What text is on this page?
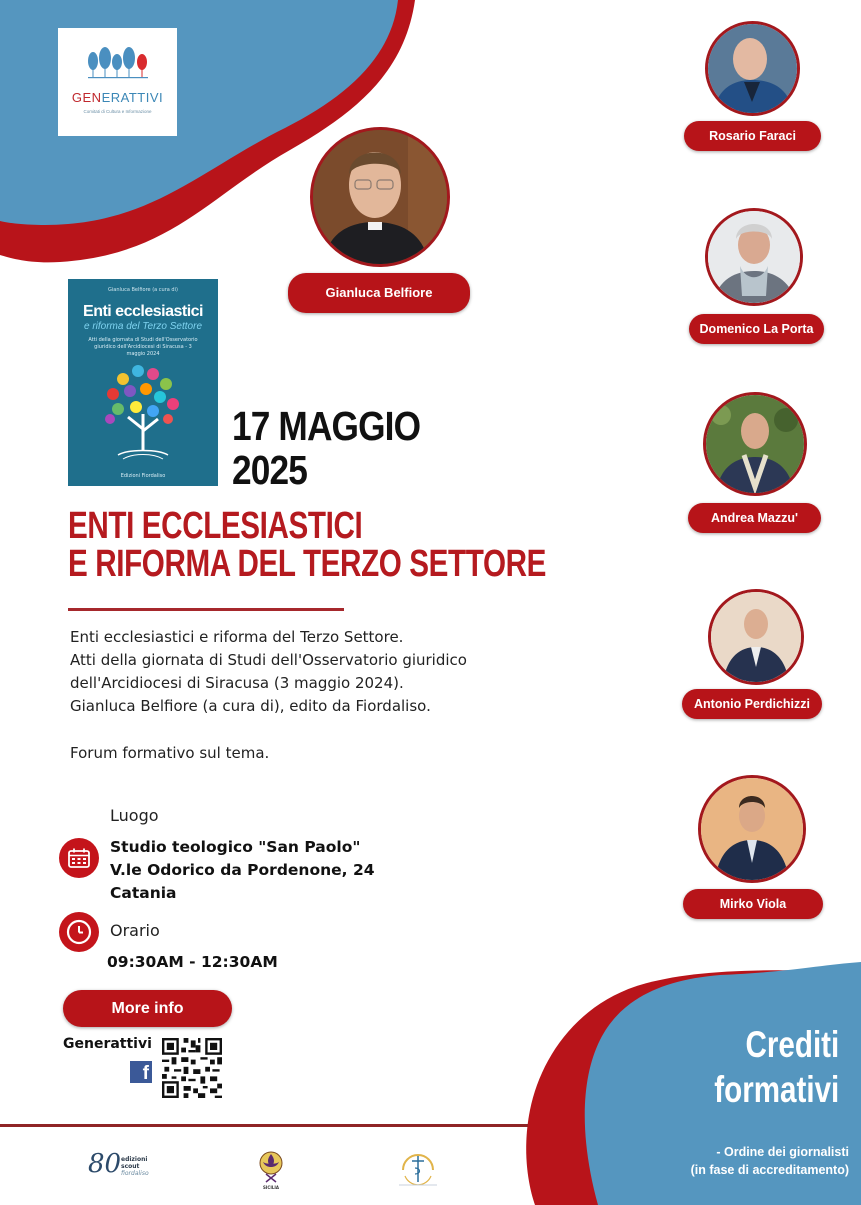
GENERATTIVI
Comitati di Cultura e Informazione
Gianluca Belfiore
Rosario Faraci
Domenico La Porta
Andrea Mazzu'
Antonio Perdichizzi
Mirko Viola
Gianluca Belfiore (a cura di)
Enti ecclesiastici
e riforma del Terzo Settore
Atti della giornata di Studi dell'Osservatorio giuridico dell'Arcidiocesi di Siracusa - 3 maggio 2024
Edizioni Fiordaliso
17 MAGGIO
2025
ENTI ECCLESIASTICI
E RIFORMA DEL TERZO SETTORE

Enti ecclesiastici e riforma del Terzo Settore.

Atti della giornata di Studi dell'Osservatorio giuridico

dell'Arcidiocesi di Siracusa (3 maggio 2024).

Gianluca Belfiore (a cura di), edito da Fiordaliso.

Forum formativo sul tema.
Luogo
Studio teologico "San Paolo"
V.le Odorico da Pordenone, 24
Catania
Orario
09:30AM - 12:30AM
More info
Generattivi
f
80 edizioni
scout
fiordaliso
SICILIA
Crediti
formativi
- Ordine dei giornalisti
(in fase di accreditamento)
